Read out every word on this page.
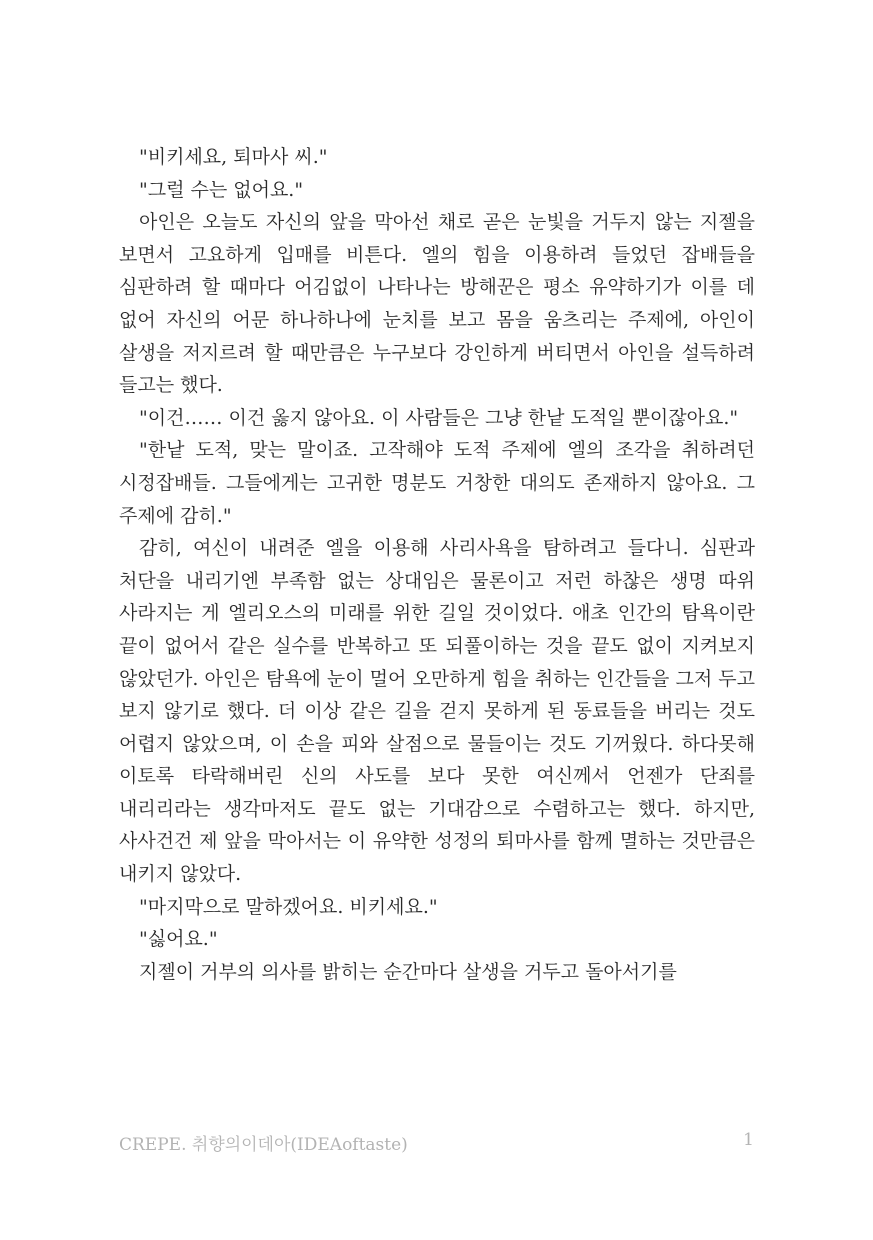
"비키세요, 퇴마사 씨."

"그럴 수는 없어요."

아인은 오늘도 자신의 앞을 막아선 채로 곧은 눈빛을 거두지 않는 지젤을 보면서 고요하게 입매를 비튼다. 엘의 힘을 이용하려 들었던 잡배들을 심판하려 할 때마다 어김없이 나타나는 방해꾼은 평소 유약하기가 이를 데 없어 자신의 어문 하나하나에 눈치를 보고 몸을 움츠리는 주제에, 아인이 살생을 저지르려 할 때만큼은 누구보다 강인하게 버티면서 아인을 설득하려 들고는 했다.

"이건…… 이건 옳지 않아요. 이 사람들은 그냥 한낱 도적일 뿐이잖아요."

"한낱 도적, 맞는 말이죠. 고작해야 도적 주제에 엘의 조각을 취하려던 시정잡배들. 그들에게는 고귀한 명분도 거창한 대의도 존재하지 않아요. 그 주제에 감히."

감히, 여신이 내려준 엘을 이용해 사리사욕을 탐하려고 들다니. 심판과 처단을 내리기엔 부족함 없는 상대임은 물론이고 저런 하찮은 생명 따위 사라지는 게 엘리오스의 미래를 위한 길일 것이었다. 애초 인간의 탐욕이란 끝이 없어서 같은 실수를 반복하고 또 되풀이하는 것을 끝도 없이 지켜보지 않았던가. 아인은 탐욕에 눈이 멀어 오만하게 힘을 취하는 인간들을 그저 두고 보지 않기로 했다. 더 이상 같은 길을 걷지 못하게 된 동료들을 버리는 것도 어렵지 않았으며, 이 손을 피와 살점으로 물들이는 것도 기꺼웠다. 하다못해 이토록 타락해버린 신의 사도를 보다 못한 여신께서 언젠가 단죄를 내리리라는 생각마저도 끝도 없는 기대감으로 수렴하고는 했다. 하지만, 사사건건 제 앞을 막아서는 이 유약한 성정의 퇴마사를 함께 멸하는 것만큼은 내키지 않았다.

"마지막으로 말하겠어요. 비키세요."

"싫어요."

지젤이 거부의 의사를 밝히는 순간마다 살생을 거두고 돌아서기를

CREPE. 취향의이데아(IDEAoftaste)	1
